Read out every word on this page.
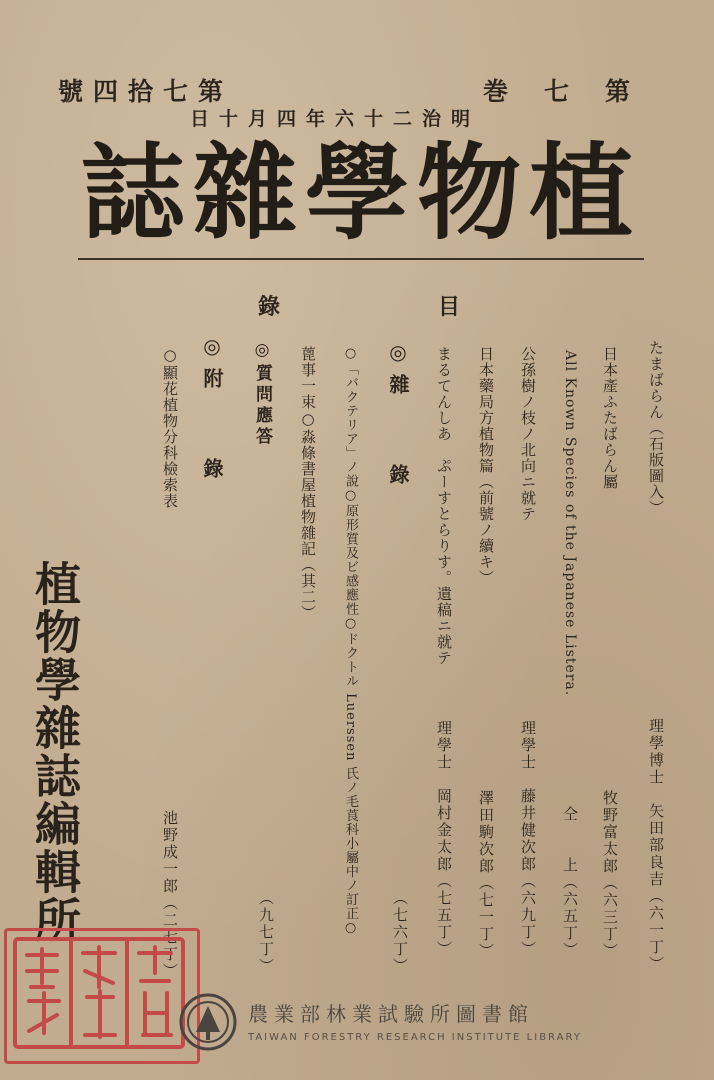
號四拾七第	巻七第
日十月四年六十二治明
誌雜學物植
錄	目
たまばらん（石版圖入）
理學博士　矢田部良吉（六一丁）
日本產ふたばらん屬
牧野富太郎（六三丁）
All Known Species of the Japanese Listera.
仝　　上（六五丁）
公孫樹ノ枝ノ北向ニ就テ
理學士　藤井健次郎（六九丁）
日本藥局方植物篇（前號ノ續キ）
澤田駒次郎（七一丁）
まるてんしあ　ぷーすとらりす。遺稿ニ就テ
理學士　岡村金太郎（七五丁）
◎雜　　錄
（七六丁）
○「バクテリア」ノ說○原形質及ビ感應性○ドクトル Luerssen 氏ノ毛莨科小屬中ノ訂正○
蓖事一束○淼條書屋植物雜記（其二）
◎質問應答
（九七丁）
◎附　　錄
○顯花植物分科檢索表
池野成一郎（二七丁）
植物學雜誌編輯所
農業部林業試驗所圖書館
TAIWAN FORESTRY RESEARCH INSTITUTE LIBRARY
